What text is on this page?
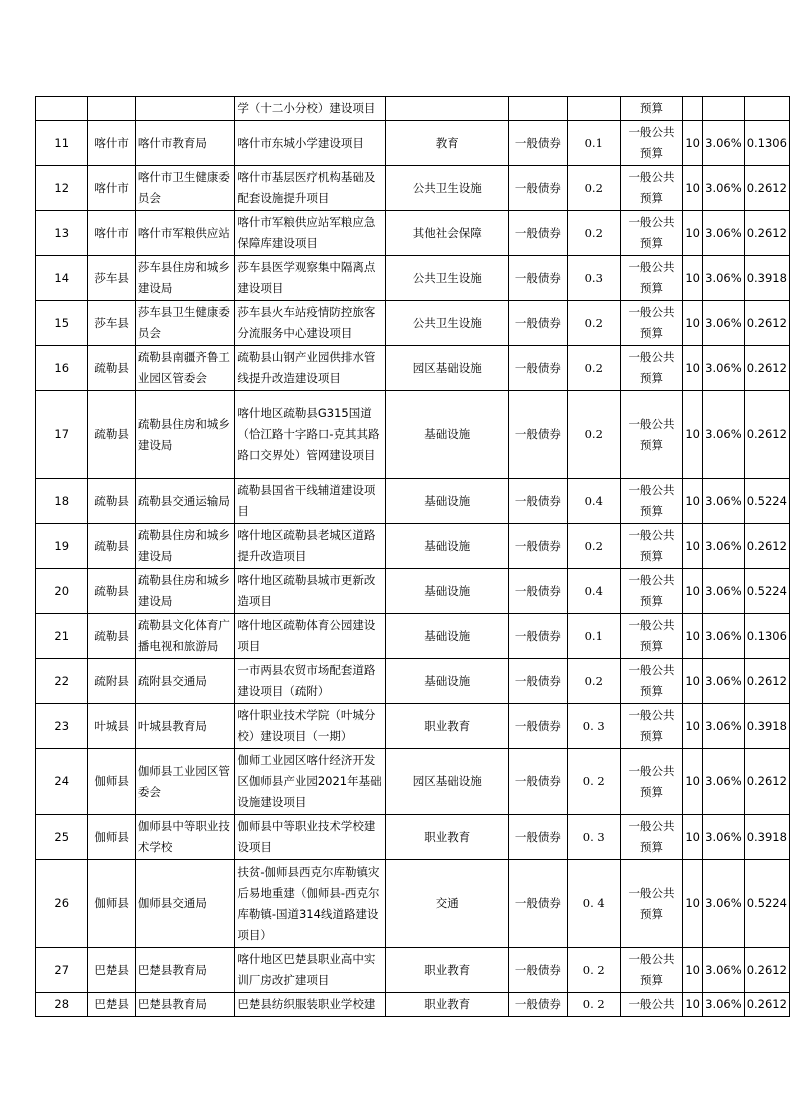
			学（十二小分校）建设项目				预算			
11	喀什市	喀什市教育局	喀什市东城小学建设项目	教育	一般债券	0.1	一般公共预算	10	3.06%	0.1306
12	喀什市	喀什市卫生健康委员会	喀什市基层医疗机构基础及配套设施提升项目	公共卫生设施	一般债券	0.2	一般公共预算	10	3.06%	0.2612
13	喀什市	喀什市军粮供应站	喀什市军粮供应站军粮应急保障库建设项目	其他社会保障	一般债券	0.2	一般公共预算	10	3.06%	0.2612
14	莎车县	莎车县住房和城乡建设局	莎车县医学观察集中隔离点建设项目	公共卫生设施	一般债券	0.3	一般公共预算	10	3.06%	0.3918
15	莎车县	莎车县卫生健康委员会	莎车县火车站疫情防控旅客分流服务中心建设项目	公共卫生设施	一般债券	0.2	一般公共预算	10	3.06%	0.2612
16	疏勒县	疏勒县南疆齐鲁工业园区管委会	疏勒县山钢产业园供排水管线提升改造建设项目	园区基础设施	一般债券	0.2	一般公共预算	10	3.06%	0.2612
17	疏勒县	疏勒县住房和城乡建设局	喀什地区疏勒县G315国道（恰江路十字路口-克其其路路口交界处）管网建设项目	基础设施	一般债券	0.2	一般公共预算	10	3.06%	0.2612
18	疏勒县	疏勒县交通运输局	疏勒县国省干线辅道建设项目	基础设施	一般债券	0.4	一般公共预算	10	3.06%	0.5224
19	疏勒县	疏勒县住房和城乡建设局	喀什地区疏勒县老城区道路提升改造项目	基础设施	一般债券	0.2	一般公共预算	10	3.06%	0.2612
20	疏勒县	疏勒县住房和城乡建设局	喀什地区疏勒县城市更新改造项目	基础设施	一般债券	0.4	一般公共预算	10	3.06%	0.5224
21	疏勒县	疏勒县文化体育广播电视和旅游局	喀什地区疏勒体育公园建设项目	基础设施	一般债券	0.1	一般公共预算	10	3.06%	0.1306
22	疏附县	疏附县交通局	一市两县农贸市场配套道路建设项目（疏附）	基础设施	一般债券	0.2	一般公共预算	10	3.06%	0.2612
23	叶城县	叶城县教育局	喀什职业技术学院（叶城分校）建设项目（一期）	职业教育	一般债券	0. 3	一般公共预算	10	3.06%	0.3918
24	伽师县	伽师县工业园区管委会	伽师工业园区喀什经济开发区伽师县产业园2021年基础设施建设项目	园区基础设施	一般债券	0. 2	一般公共预算	10	3.06%	0.2612
25	伽师县	伽师县中等职业技术学校	伽师县中等职业技术学校建设项目	职业教育	一般债券	0. 3	一般公共预算	10	3.06%	0.3918
26	伽师县	伽师县交通局	扶贫-伽师县西克尔库勒镇灾后易地重建（伽师县-西克尔库勒镇-国道314线道路建设项目）	交通	一般债券	0. 4	一般公共预算	10	3.06%	0.5224
27	巴楚县	巴楚县教育局	喀什地区巴楚县职业高中实训厂房改扩建项目	职业教育	一般债券	0. 2	一般公共预算	10	3.06%	0.2612
28	巴楚县	巴楚县教育局	巴楚县纺织服装职业学校建	职业教育	一般债券	0. 2	一般公共	10	3.06%	0.2612
